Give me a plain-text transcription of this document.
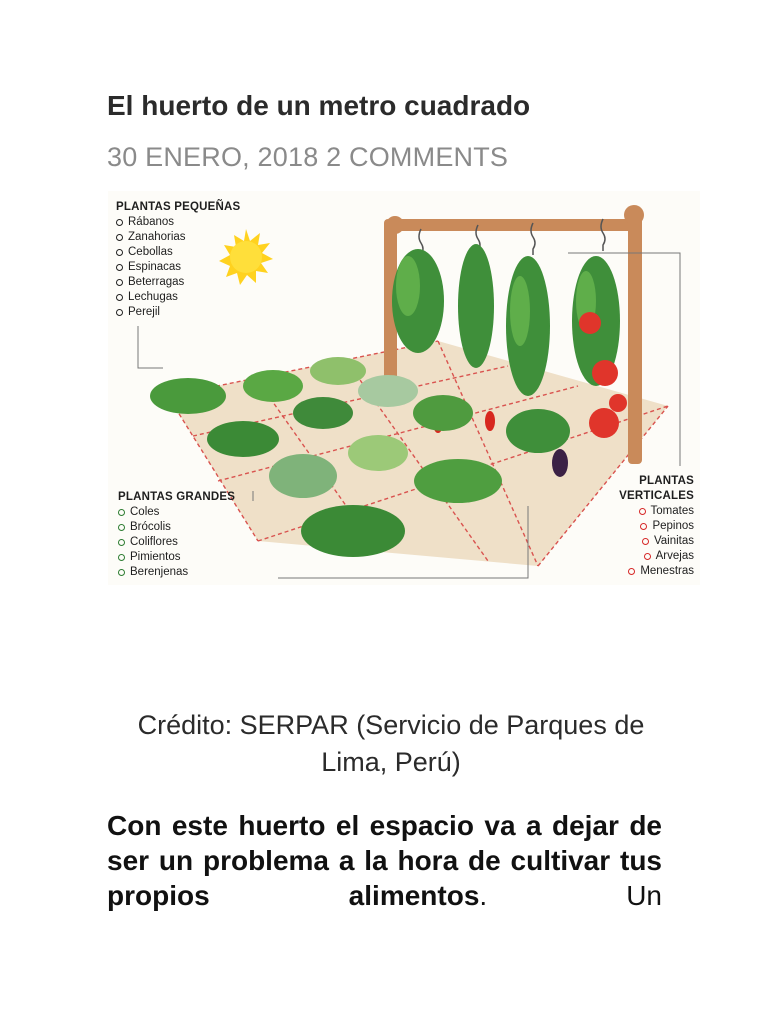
El huerto de un metro cuadrado
30 ENERO, 2018 2 COMMENTS
PLANTAS PEQUEÑAS
Rábanos
Zanahorias
Cebollas
Espinacas
Beterragas
Lechugas
Perejil
PLANTAS GRANDES
Coles
Brócolis
Coliflores
Pimientos
Berenjenas
PLANTAS
VERTICALES
Tomates
Pepinos
Vainitas
Arvejas
Menestras
Crédito: SERPAR (Servicio de Parques de Lima, Perú)
Con este huerto el espacio va a dejar de ser un problema a la hora de cultivar tus propios alimentos. Un
